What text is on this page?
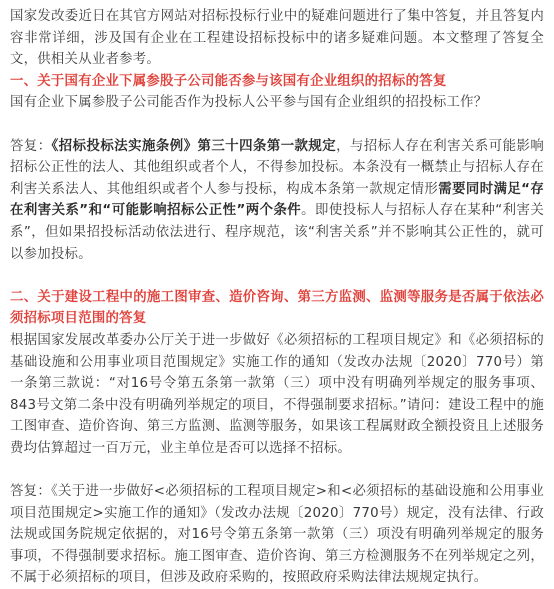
国家发改委近日在其官方网站对招标投标行业中的疑难问题进行了集中答复，并且答复内容非常详细，涉及国有企业在工程建设招标投标中的诸多疑难问题。本文整理了答复全文，供相关从业者参考。

一、关于国有企业下属参股子公司能否参与该国有企业组织的招标的答复

国有企业下属参股子公司能否作为投标人公平参与国有企业组织的招投标工作？

答复：《招标投标法实施条例》第三十四条第一款规定，与招标人存在利害关系可能影响招标公正性的法人、其他组织或者个人，不得参加投标。本条没有一概禁止与招标人存在利害关系法人、其他组织或者个人参与投标，构成本条第一款规定情形需要同时满足“存在利害关系”和“可能影响招标公正性”两个条件。即使投标人与招标人存在某种“利害关系”，但如果招投标活动依法进行、程序规范，该“利害关系”并不影响其公正性的，就可以参加投标。

二、关于建设工程中的施工图审查、造价咨询、第三方监测、监测等服务是否属于依法必须招标项目范围的答复

根据国家发展改革委办公厅关于进一步做好《必须招标的工程项目规定》和《必须招标的基础设施和公用事业项目范围规定》实施工作的通知（发改办法规〔2020〕770号）第一条第三款说：“对16号令第五条第一款第（三）项中没有明确列举规定的服务事项、843号文第二条中没有明确列举规定的项目，不得强制要求招标。”请问：建设工程中的施工图审查、造价咨询、第三方监测、监测等服务，如果该工程属财政全额投资且上述服务费均估算超过一百万元，业主单位是否可以选择不招标。

答复：《关于进一步做好<必须招标的工程项目规定>和<必须招标的基础设施和公用事业项目范围规定>实施工作的通知》（发改办法规〔2020〕770号）规定，没有法律、行政法规或国务院规定依据的，对16号令第五条第一款第（三）项没有明确列举规定的服务事项，不得强制要求招标。施工图审查、造价咨询、第三方检测服务不在列举规定之列，不属于必须招标的项目，但涉及政府采购的，按照政府采购法律法规规定执行。
